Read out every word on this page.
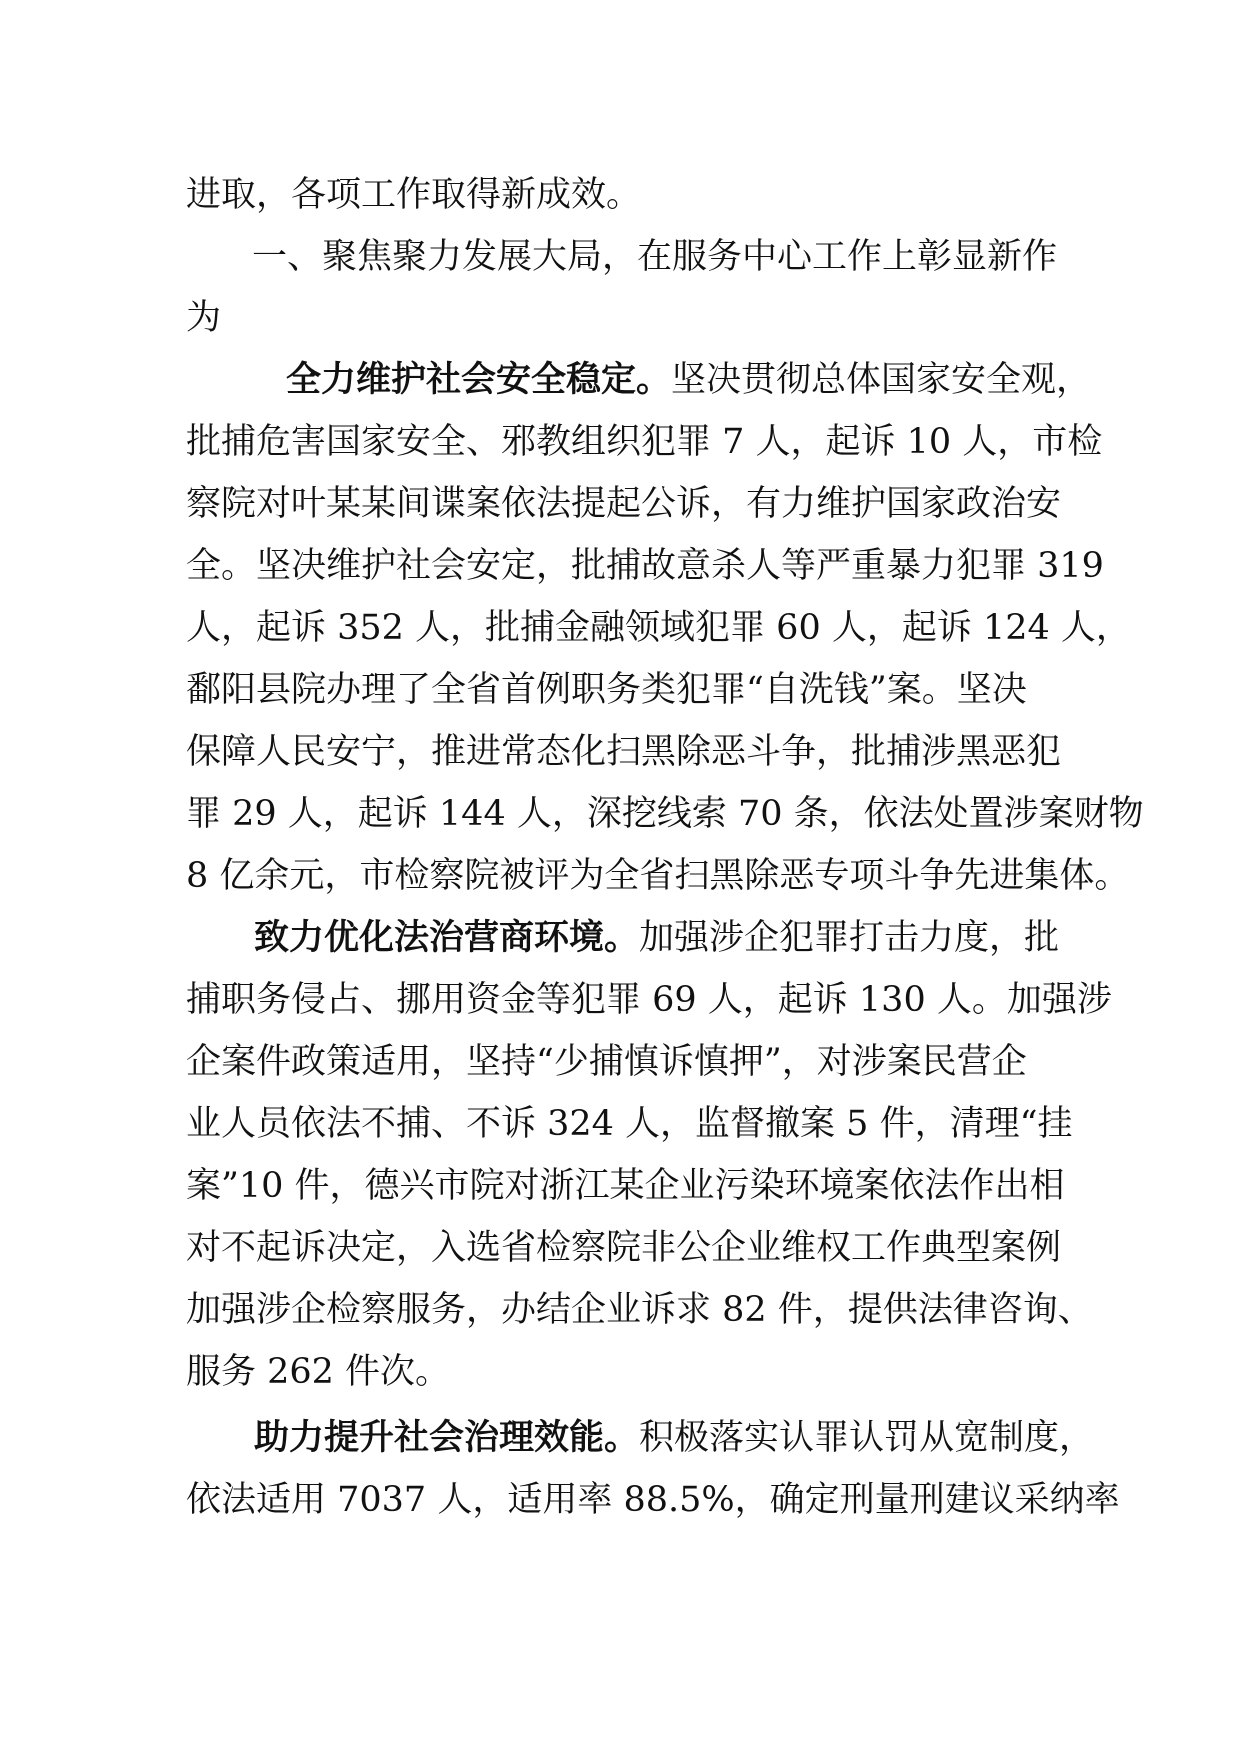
进取，各项工作取得新成效。
一、聚焦聚力发展大局，在服务中心工作上彰显新作
为
全力维护社会安全稳定。坚决贯彻总体国家安全观，
批捕危害国家安全、邪教组织犯罪 7 人，起诉 10 人，市检
察院对叶某某间谍案依法提起公诉，有力维护国家政治安
全。坚决维护社会安定，批捕故意杀人等严重暴力犯罪 319
人，起诉 352 人，批捕金融领域犯罪 60 人，起诉 124 人，
鄱阳县院办理了全省首例职务类犯罪“自洗钱”案。坚决
保障人民安宁，推进常态化扫黑除恶斗争，批捕涉黑恶犯
罪 29 人，起诉 144 人，深挖线索 70 条，依法处置涉案财物
8 亿余元，市检察院被评为全省扫黑除恶专项斗争先进集体。
致力优化法治营商环境。加强涉企犯罪打击力度，批
捕职务侵占、挪用资金等犯罪 69 人，起诉 130 人。加强涉
企案件政策适用，坚持“少捕慎诉慎押”，对涉案民营企
业人员依法不捕、不诉 324 人，监督撤案 5 件，清理“挂
案”10 件，德兴市院对浙江某企业污染环境案依法作出相
对不起诉决定，入选省检察院非公企业维权工作典型案例
加强涉企检察服务，办结企业诉求 82 件，提供法律咨询、
服务 262 件次。
助力提升社会治理效能。积极落实认罪认罚从宽制度，
依法适用 7037 人，适用率 88.5%，确定刑量刑建议采纳率
